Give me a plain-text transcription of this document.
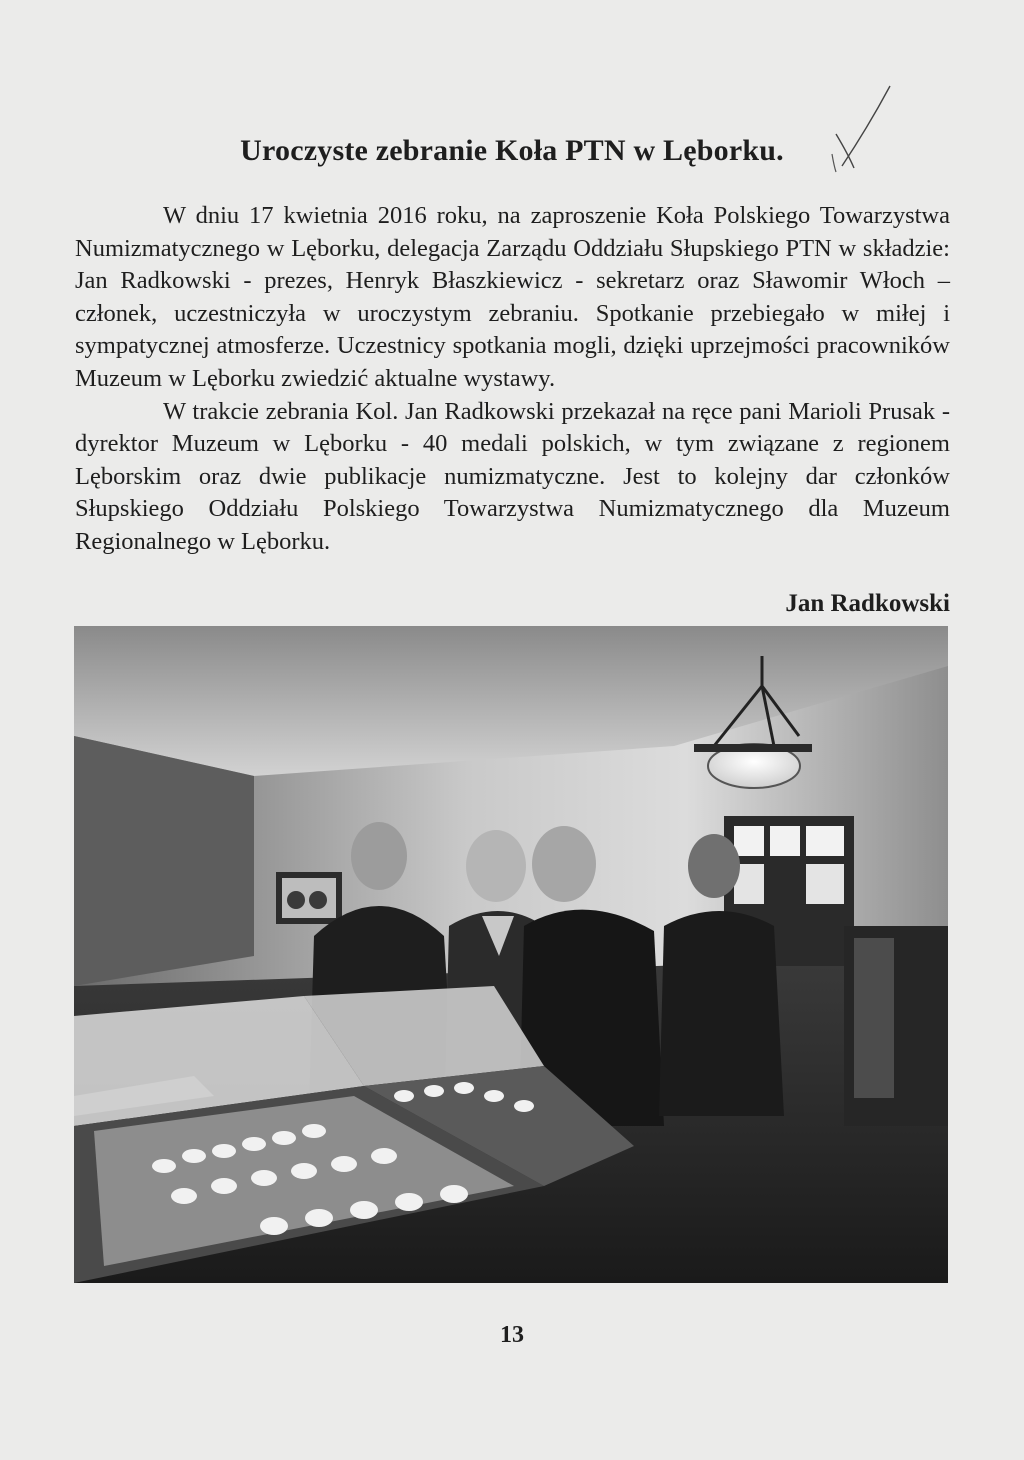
Uroczyste zebranie Koła PTN w Lęborku.

W dniu 17 kwietnia 2016 roku, na zaproszenie Koła Polskiego Towarzystwa Numizmatycznego w Lęborku, delegacja Zarządu Oddziału Słupskiego PTN w składzie: Jan Radkowski - prezes, Henryk Błaszkiewicz - sekretarz oraz Sławomir Włoch – członek, uczestniczyła w uroczystym zebraniu. Spotkanie przebiegało w miłej i sympatycznej atmosferze. Uczestnicy spotkania mogli, dzięki uprzejmości pracowników Muzeum w Lęborku zwiedzić aktualne wystawy.

W trakcie zebrania Kol. Jan Radkowski przekazał na ręce pani Marioli Prusak - dyrektor Muzeum w Lęborku - 40 medali polskich, w tym związane z regionem Lęborskim oraz dwie publikacje numizmatyczne. Jest to kolejny dar członków Słupskiego Oddziału Polskiego Towarzystwa Numizmatycznego dla Muzeum Regionalnego w Lęborku.

Jan Radkowski
13
